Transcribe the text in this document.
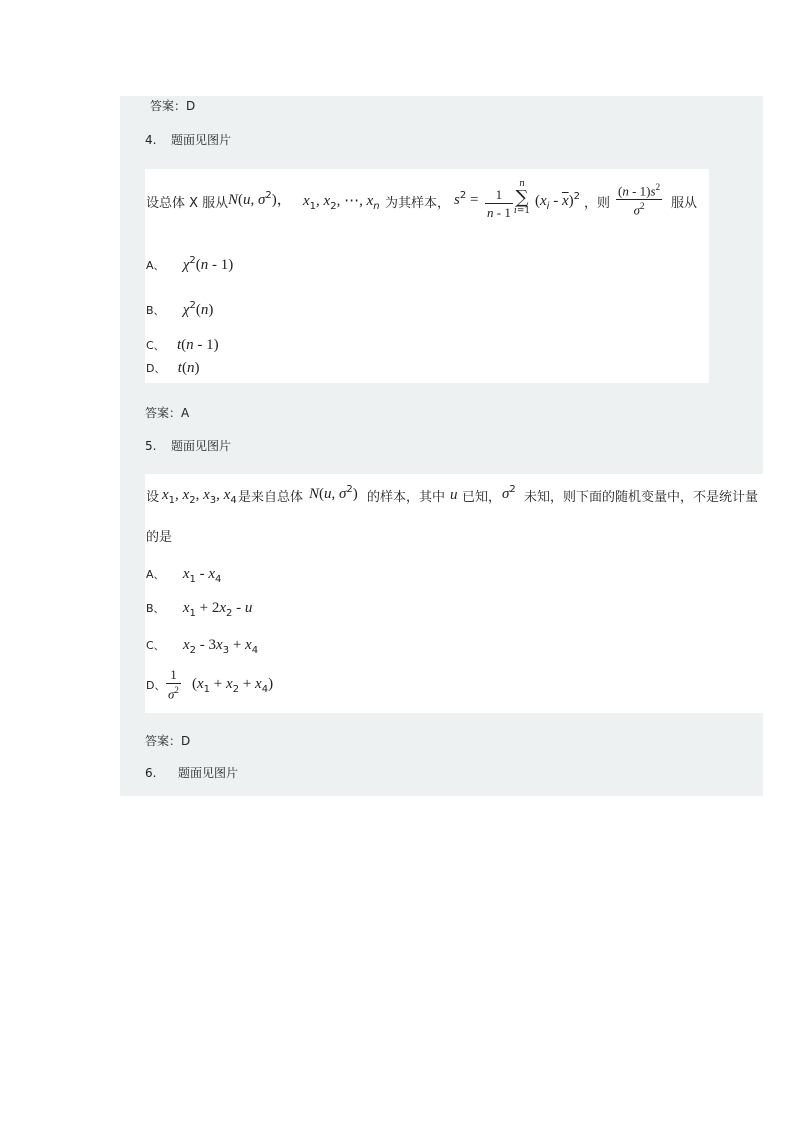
答案：D
4. 题面见图片
设总体 X 服从 N(u, $\sigma^2$)， $x_1$, $x_2$, ⋯, $x_n$ 为其样本， $s^2$ =	1
n - 1
n
∑
i=1
$(x_i - \overline{x})^2$ ，则
$(n - 1)s^2$
$\sigma^2$	服从
A、 $\chi^2(n - 1)$
B、 $\chi^2(n)$
C、 t(n - 1)
D、 t(n)
答案：A
5. 题面见图片
设 $x_1$, $x_2$, $x_3$, $x_4$ 是来自总体 N(u, $\sigma^2$) 的样本，其中 u 已知， $\sigma^2$
未知，则下面的随机变量中，不是统计量
的是
A、 $x_1 - x_4$
B、 $x_1 + 2x_2 - u$
C、 $x_2 - 3x_3 + x_4$
D、
1
$\sigma^2$ $(x_1 + x_2 + x_4)$
答案：D
6. 题面见图片
